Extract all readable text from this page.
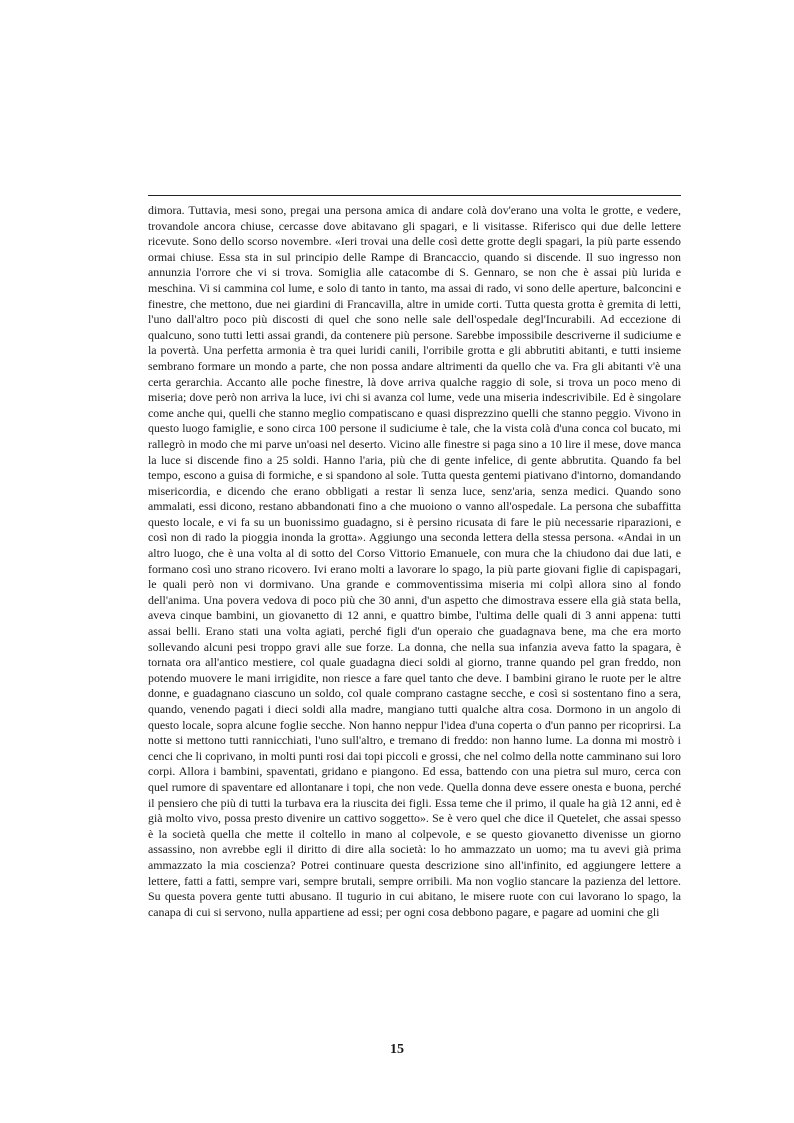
dimora. Tuttavia, mesi sono, pregai una persona amica di andare colà dov'erano una volta le grotte, e vedere, trovandole ancora chiuse, cercasse dove abitavano gli spagari, e li visitasse. Riferisco qui due delle lettere ricevute. Sono dello scorso novembre. «Ieri trovai una delle così dette grotte degli spagari, la più parte essendo ormai chiuse. Essa sta in sul principio delle Rampe di Brancaccio, quando si discende. Il suo ingresso non annunzia l'orrore che vi si trova. Somiglia alle catacombe di S. Gennaro, se non che è assai più lurida e meschina. Vi si cammina col lume, e solo di tanto in tanto, ma assai di rado, vi sono delle aperture, balconcini e finestre, che mettono, due nei giardini di Francavilla, altre in umide corti. Tutta questa grotta è gremita di letti, l'uno dall'altro poco più discosti di quel che sono nelle sale dell'ospedale degl'Incurabili. Ad eccezione di qualcuno, sono tutti letti assai grandi, da contenere più persone. Sarebbe impossibile descriverne il sudiciume e la povertà. Una perfetta armonia è tra quei luridi canili, l'orribile grotta e gli abbrutiti abitanti, e tutti insieme sembrano formare un mondo a parte, che non possa andare altrimenti da quello che va. Fra gli abitanti v'è una certa gerarchia. Accanto alle poche finestre, là dove arriva qualche raggio di sole, si trova un poco meno di miseria; dove però non arriva la luce, ivi chi si avanza col lume, vede una miseria indescrivibile. Ed è singolare come anche qui, quelli che stanno meglio compatiscano e quasi disprezzino quelli che stanno peggio. Vivono in questo luogo famiglie, e sono circa 100 persone il sudiciume è tale, che la vista colà d'una conca col bucato, mi rallegrò in modo che mi parve un'oasi nel deserto. Vicino alle finestre si paga sino a 10 lire il mese, dove manca la luce si discende fino a 25 soldi. Hanno l'aria, più che di gente infelice, di gente abbrutita. Quando fa bel tempo, escono a guisa di formiche, e si spandono al sole. Tutta questa gentemi piativano d'intorno, domandando misericordia, e dicendo che erano obbligati a restar lì senza luce, senz'aria, senza medici. Quando sono ammalati, essi dicono, restano abbandonati fino a che muoiono o vanno all'ospedale. La persona che subaffitta questo locale, e vi fa su un buonissimo guadagno, si è persino ricusata di fare le più necessarie riparazioni, e così non di rado la pioggia inonda la grotta». Aggiungo una seconda lettera della stessa persona. «Andai in un altro luogo, che è una volta al di sotto del Corso Vittorio Emanuele, con mura che la chiudono dai due lati, e formano così uno strano ricovero. Ivi erano molti a lavorare lo spago, la più parte giovani figlie di capispagari, le quali però non vi dormivano. Una grande e commoventissima miseria mi colpì allora sino al fondo dell'anima. Una povera vedova di poco più che 30 anni, d'un aspetto che dimostrava essere ella già stata bella, aveva cinque bambini, un giovanetto di 12 anni, e quattro bimbe, l'ultima delle quali di 3 anni appena: tutti assai belli. Erano stati una volta agiati, perché figli d'un operaio che guadagnava bene, ma che era morto sollevando alcuni pesi troppo gravi alle sue forze. La donna, che nella sua infanzia aveva fatto la spagara, è tornata ora all'antico mestiere, col quale guadagna dieci soldi al giorno, tranne quando pel gran freddo, non potendo muovere le mani irrigidite, non riesce a fare quel tanto che deve. I bambini girano le ruote per le altre donne, e guadagnano ciascuno un soldo, col quale comprano castagne secche, e così si sostentano fino a sera, quando, venendo pagati i dieci soldi alla madre, mangiano tutti qualche altra cosa. Dormono in un angolo di questo locale, sopra alcune foglie secche. Non hanno neppur l'idea d'una coperta o d'un panno per ricoprirsi. La notte si mettono tutti rannicchiati, l'uno sull'altro, e tremano di freddo: non hanno lume. La donna mi mostrò i cenci che li coprivano, in molti punti rosi dai topi piccoli e grossi, che nel colmo della notte camminano sui loro corpi. Allora i bambini, spaventati, gridano e piangono. Ed essa, battendo con una pietra sul muro, cerca con quel rumore di spaventare ed allontanare i topi, che non vede. Quella donna deve essere onesta e buona, perché il pensiero che più di tutti la turbava era la riuscita dei figli. Essa teme che il primo, il quale ha già 12 anni, ed è già molto vivo, possa presto divenire un cattivo soggetto». Se è vero quel che dice il Quetelet, che assai spesso è la società quella che mette il coltello in mano al colpevole, e se questo giovanetto divenisse un giorno assassino, non avrebbe egli il diritto di dire alla società: lo ho ammazzato un uomo; ma tu avevi già prima ammazzato la mia coscienza? Potrei continuare questa descrizione sino all'infinito, ed aggiungere lettere a lettere, fatti a fatti, sempre vari, sempre brutali, sempre orribili. Ma non voglio stancare la pazienza del lettore. Su questa povera gente tutti abusano. Il tugurio in cui abitano, le misere ruote con cui lavorano lo spago, la canapa di cui si servono, nulla appartiene ad essi; per ogni cosa debbono pagare, e pagare ad uomini che gli

15
